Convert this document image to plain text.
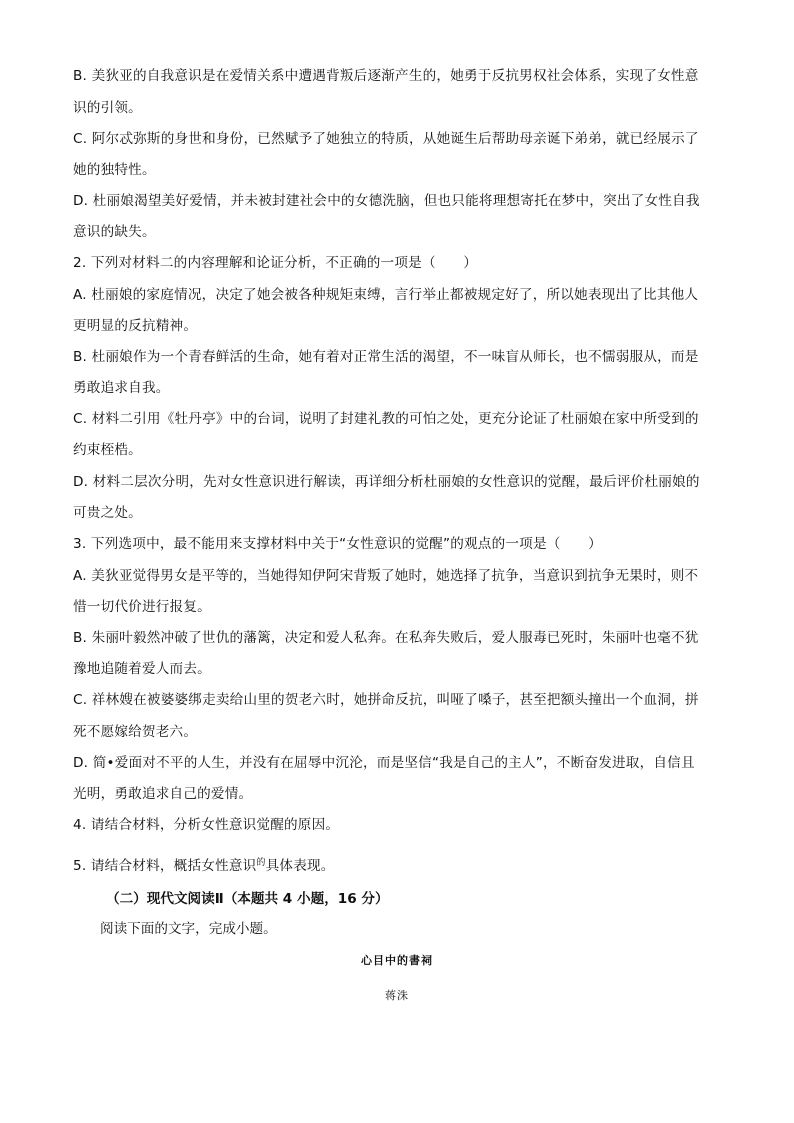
B. 美狄亚的自我意识是在爱情关系中遭遇背叛后逐渐产生的，她勇于反抗男权社会体系，实现了女性意
识的引领。
C. 阿尔忒弥斯的身世和身份，已然赋予了她独立的特质，从她诞生后帮助母亲诞下弟弟，就已经展示了
她的独特性。
D. 杜丽娘渴望美好爱情，并未被封建社会中的女德洗脑，但也只能将理想寄托在梦中，突出了女性自我
意识的缺失。
2. 下列对材料二的内容理解和论证分析，不正确的一项是（　　）
A. 杜丽娘的家庭情况，决定了她会被各种规矩束缚，言行举止都被规定好了，所以她表现出了比其他人
更明显的反抗精神。
B. 杜丽娘作为一个青春鲜活的生命，她有着对正常生活的渴望，不一味盲从师长，也不懦弱服从，而是
勇敢追求自我。
C. 材料二引用《牡丹亭》中的台词，说明了封建礼教的可怕之处，更充分论证了杜丽娘在家中所受到的
约束桎梏。
D. 材料二层次分明，先对女性意识进行解读，再详细分析杜丽娘的女性意识的觉醒，最后评价杜丽娘的
可贵之处。
3. 下列选项中，最不能用来支撑材料中关于“女性意识的觉醒”的观点的一项是（　　）
A. 美狄亚觉得男女是平等的，当她得知伊阿宋背叛了她时，她选择了抗争，当意识到抗争无果时，则不
惜一切代价进行报复。
B. 朱丽叶毅然冲破了世仇的藩篱，决定和爱人私奔。在私奔失败后，爱人服毒已死时，朱丽叶也毫不犹
豫地追随着爱人而去。
C. 祥林嫂在被婆婆绑走卖给山里的贺老六时，她拼命反抗，叫哑了嗓子，甚至把额头撞出一个血洞，拼
死不愿嫁给贺老六。
D. 简•爱面对不平的人生，并没有在屈辱中沉沦，而是坚信“我是自己的主人”，不断奋发进取，自信且
光明，勇敢追求自己的爱情。
4. 请结合材料，分析女性意识觉醒的原因。
5. 请结合材料，概括女性意识$^的$具体表现。
（二）现代文阅读Ⅱ（本题共 4 小题，16 分）
阅读下面的文字，完成小题。
心目中的書祠
蒋洙
